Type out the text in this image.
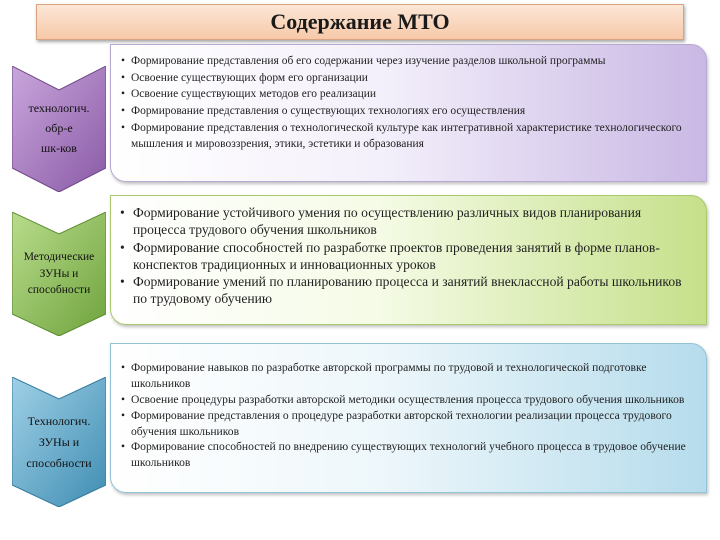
Содержание МТО
технологич.
обр-е
шк-ков
• Формирование представления об его содержании через изучение разделов школьной программы
• Освоение существующих форм его организации
• Освоение существующих методов его реализации
• Формирование представления о существующих технологиях его осуществления
• Формирование представления о технологической культуре как интегративной характеристике технологического мышления и мировоззрения, этики, эстетики и образования
Методические
ЗУНы и
способности
• Формирование устойчивого умения по осуществлению различных видов планирования процесса трудового обучения школьников
• Формирование способностей по разработке проектов проведения занятий в форме планов-конспектов традиционных и инновационных уроков
• Формирование умений по планированию процесса и занятий внеклассной работы школьников по трудовому обучению
Технологич.
ЗУНы и
способности
• Формирование навыков по разработке авторской программы по трудовой и технологической подготовке школьников
• Освоение процедуры разработки авторской методики осуществления процесса трудового обучения школьников
• Формирование представления о процедуре разработки авторской технологии реализации процесса трудового обучения школьников
• Формирование способностей по внедрению существующих технологий учебного процесса в трудовое обучение школьников
